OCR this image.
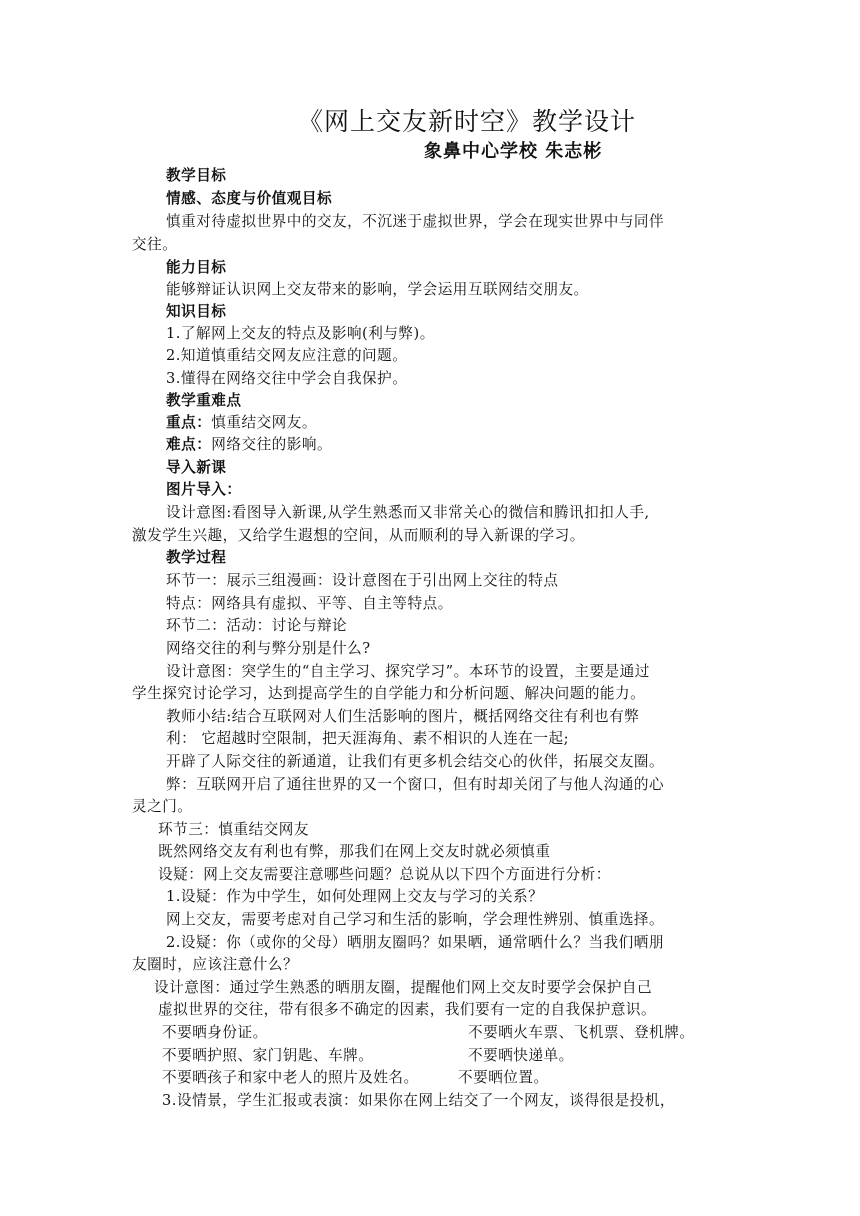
《网上交友新时空》教学设计
象鼻中心学校 朱志彬
教学目标
情感、态度与价值观目标
慎重对待虚拟世界中的交友，不沉迷于虚拟世界，学会在现实世界中与同伴
交往。
能力目标
能够辩证认识网上交友带来的影响，学会运用互联网结交朋友。
知识目标
1.了解网上交友的特点及影响(利与弊)。
2.知道慎重结交网友应注意的问题。
3.懂得在网络交往中学会自我保护。
教学重难点
重点：慎重结交网友。
难点：网络交往的影响。
导入新课
图片导入：
设计意图:看图导入新课,从学生熟悉而又非常关心的微信和腾讯扣扣人手,
激发学生兴趣，又给学生遐想的空间，从而顺利的导入新课的学习。
教学过程
环节一：展示三组漫画：设计意图在于引出网上交往的特点
特点：网络具有虚拟、平等、自主等特点。
环节二：活动：讨论与辩论
网络交往的利与弊分别是什么?
设计意图：突学生的“自主学习、探究学习”。本环节的设置，主要是通过
学生探究讨论学习，达到提高学生的自学能力和分析问题、解决问题的能力。
教师小结:结合互联网对人们生活影响的图片，概括网络交往有利也有弊
利： 它超越时空限制，把天涯海角、素不相识的人连在一起;
开辟了人际交往的新通道，让我们有更多机会结交心的伙伴，拓展交友圈。
弊：互联网开启了通往世界的又一个窗口，但有时却关闭了与他人沟通的心
灵之门。
环节三：慎重结交网友
既然网络交友有利也有弊，那我们在网上交友时就必须慎重
设疑：网上交友需要注意哪些问题？总说从以下四个方面进行分析：
1.设疑：作为中学生，如何处理网上交友与学习的关系？
网上交友，需要考虑对自己学习和生活的影响，学会理性辨别、慎重选择。
2.设疑：你（或你的父母）晒朋友圈吗？如果晒，通常晒什么？当我们晒朋
友圈时，应该注意什么？
设计意图：通过学生熟悉的晒朋友圈，提醒他们网上交友时要学会保护自己
虚拟世界的交往，带有很多不确定的因素，我们要有一定的自我保护意识。
不要晒身份证。	不要晒火车票、飞机票、登机牌。
不要晒护照、家门钥匙、车牌。	不要晒快递单。
不要晒孩子和家中老人的照片及姓名。	不要晒位置。
3.设情景，学生汇报或表演：如果你在网上结交了一个网友，谈得很是投机，
